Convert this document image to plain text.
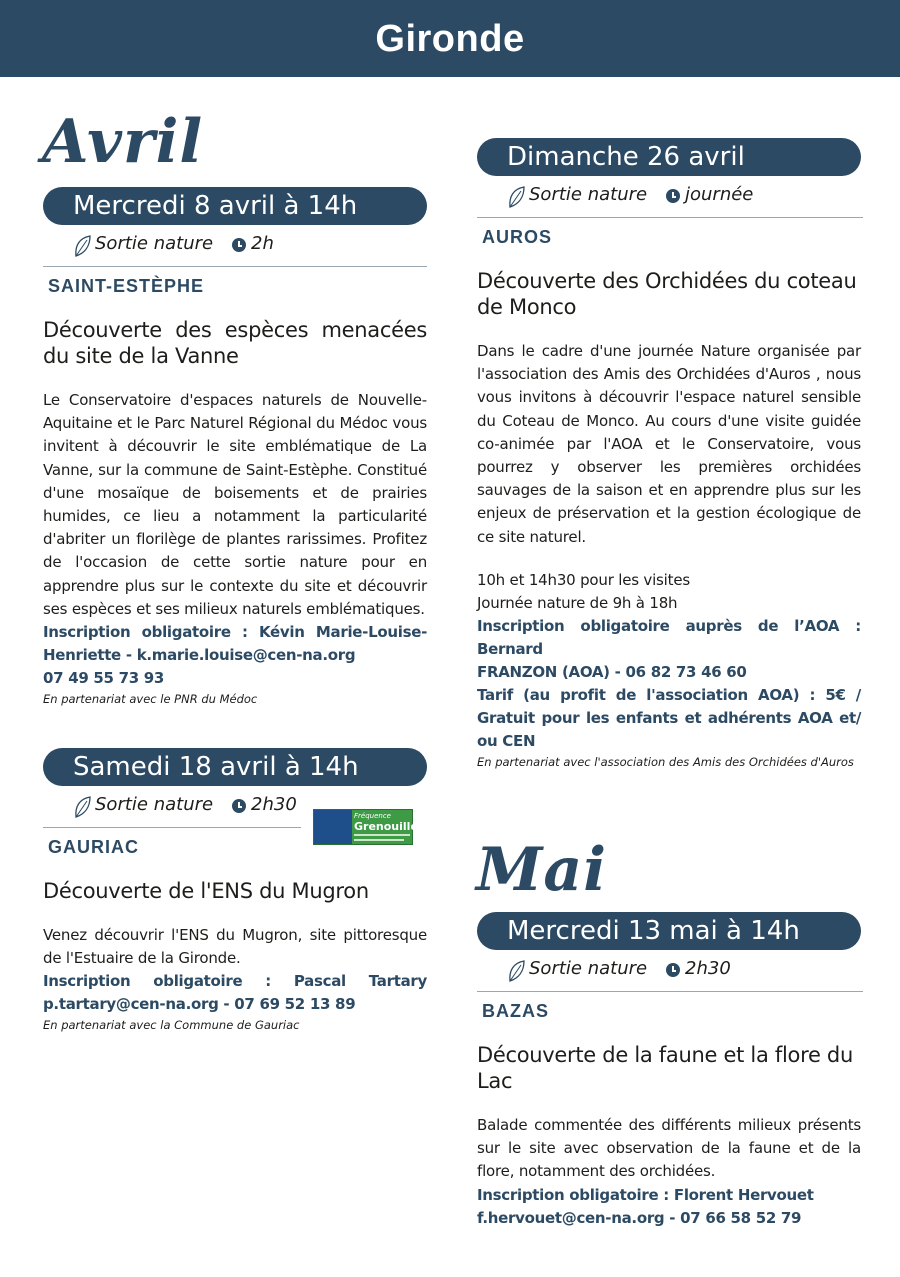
Gironde
Avril
Mercredi 8 avril à 14h
Sortie nature 2h
SAINT-ESTÈPHE
Découverte des espèces menacées du site de la Vanne
Le Conservatoire d'espaces naturels de Nouvelle-Aquitaine et le Parc Naturel Régional du Médoc vous invitent à découvrir le site emblématique de La Vanne, sur la commune de Saint-Estèphe. Constitué d'une mosaïque de boisements et de prairies humides, ce lieu a notamment la particularité d'abriter un florilège de plantes rarissimes. Profitez de l'occasion de cette sortie nature pour en apprendre plus sur le contexte du site et découvrir ses espèces et ses milieux naturels emblématiques.
Inscription obligatoire : Kévin Marie-Louise-
Henriette - k.marie.louise@cen-na.org
07 49 55 73 93
En partenariat avec le PNR du Médoc
Samedi 18 avril à 14h
Sortie nature 2h30
Fréquence
Grenouille
GAURIAC
Découverte de l'ENS du Mugron
Venez découvrir l'ENS du Mugron, site pittoresque de l'Estuaire de la Gironde.
Inscription obligatoire : Pascal Tartary
p.tartary@cen-na.org - 07 69 52 13 89
En partenariat avec la Commune de Gauriac
Dimanche 26 avril
Sortie nature journée
AUROS
Découverte des Orchidées du coteau de Monco
Dans le cadre d'une journée Nature organisée par l'association des Amis des Orchidées d'Auros , nous vous invitons à découvrir l'espace naturel sensible du Coteau de Monco. Au cours d'une visite guidée co-animée par l'AOA et le Conservatoire, vous pourrez y observer les premières orchidées sauvages de la saison et en apprendre plus sur les enjeux de préservation et la gestion écologique de ce site naturel.
10h et 14h30 pour les visites
Journée nature de 9h à 18h
Inscription obligatoire auprès de l’AOA : Bernard
FRANZON (AOA) - 06 82 73 46 60
Tarif (au profit de l'association AOA) : 5€ /
Gratuit pour les enfants et adhérents AOA et/
ou CEN
En partenariat avec l'association des Amis des Orchidées d'Auros
Mai
Mercredi 13 mai à 14h
Sortie nature 2h30
BAZAS
Découverte de la faune et la flore du Lac
Balade commentée des différents milieux présents sur le site avec observation de la faune et de la flore, notamment des orchidées.
Inscription obligatoire : Florent Hervouet
f.hervouet@cen-na.org - 07 66 58 52 79
